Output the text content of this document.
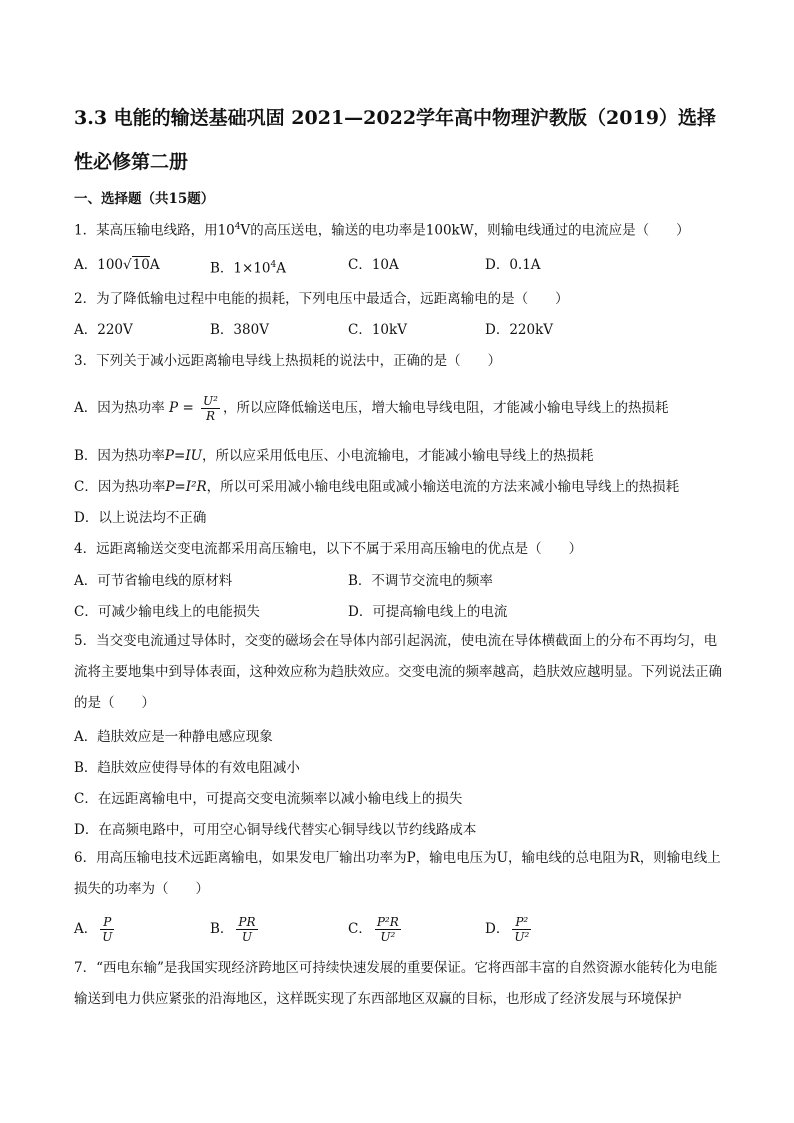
3.3 电能的输送基础巩固 2021—2022学年高中物理沪教版（2019）选择性必修第二册
一、选择题（共15题）
1．某高压输电线路，用$10^4V$的高压送电，输送的电功率是100kW，则输电线通过的电流应是（　　）
A．100√10A	B．$1\times 10^4A$	C．10A	D．0.1A
2．为了降低输电过程中电能的损耗，下列电压中最适合，远距离输电的是（　　）
A．220V	B．380V	C．10kV	D．220kV
3．下列关于减小远距离输电导线上热损耗的说法中，正确的是（　　）
A．因为热功率 $P = \frac{\text{U²}}{R}$ ，所以应降低输送电压，增大输电导线电阻，才能减小输电导线上的热损耗
B．因为热功率P=IU，所以应采用低电压、小电流输电，才能减小输电导线上的热损耗
C．因为热功率P=I²R，所以可采用减小输电线电阻或减小输送电流的方法来减小输电导线上的热损耗
D．以上说法均不正确
4．远距离输送交变电流都采用高压输电，以下不属于采用高压输电的优点是（　　）
A．可节省输电线的原材料	B．不调节交流电的频率
C．可减少输电线上的电能损失	D．可提高输电线上的电流
5．当交变电流通过导体时，交变的磁场会在导体内部引起涡流，使电流在导体横截面上的分布不再均匀，电流将主要地集中到导体表面，这种效应称为趋肤效应。交变电流的频率越高，趋肤效应越明显。下列说法正确的是（　　）
A．趋肤效应是一种静电感应现象
B．趋肤效应使得导体的有效电阻减小
C．在远距离输电中，可提高交变电流频率以减小输电线上的损失
D．在高频电路中，可用空心铜导线代替实心铜导线以节约线路成本
6．用高压输电技术远距离输电，如果发电厂输出功率为P，输电电压为U，输电线的总电阻为R，则输电线上损失的功率为（　　）
A． $\frac{P}{U}$	B． $\frac{PR}{U}$	C． $\frac{\text{P²R}}{\text{U²}}$	D． $\frac{\text{P²}}{\text{U²}}$
7．“西电东输”是我国实现经济跨地区可持续快速发展的重要保证。它将西部丰富的自然资源水能转化为电能输送到电力供应紧张的沿海地区，这样既实现了东西部地区双赢的目标，也形成了经济发展与环境保护
